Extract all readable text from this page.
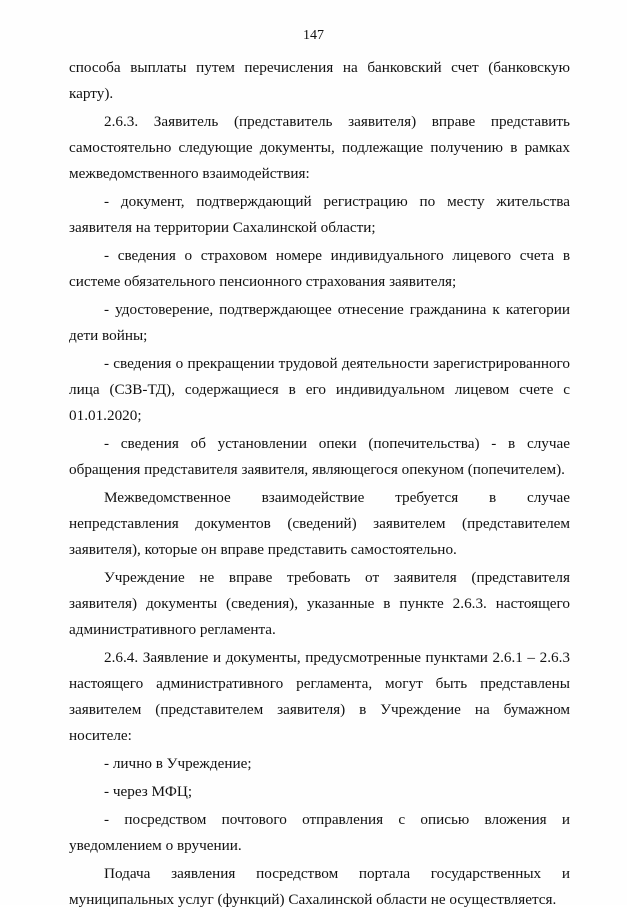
147

способа выплаты путем перечисления на банковский счет (банковскую карту).

2.6.3. Заявитель (представитель заявителя) вправе представить самостоятельно следующие документы, подлежащие получению в рамках межведомственного взаимодействия:

- документ, подтверждающий регистрацию по месту жительства заявителя на территории Сахалинской области;

- сведения о страховом номере индивидуального лицевого счета в системе обязательного пенсионного страхования заявителя;

- удостоверение, подтверждающее отнесение гражданина к категории дети войны;

- сведения о прекращении трудовой деятельности зарегистрированного лица (СЗВ-ТД), содержащиеся в его индивидуальном лицевом счете с 01.01.2020;

- сведения об установлении опеки (попечительства) - в случае обращения представителя заявителя, являющегося опекуном (попечителем).

Межведомственное взаимодействие требуется в случае непредставления документов (сведений) заявителем (представителем заявителя), которые он вправе представить самостоятельно.

Учреждение не вправе требовать от заявителя (представителя заявителя) документы (сведения), указанные в пункте 2.6.3. настоящего административного регламента.

2.6.4. Заявление и документы, предусмотренные пунктами 2.6.1 – 2.6.3 настоящего административного регламента, могут быть представлены заявителем (представителем заявителя) в Учреждение на бумажном носителе:

- лично в Учреждение;

- через МФЦ;

- посредством почтового отправления с описью вложения и уведомлением о вручении.

Подача заявления посредством портала государственных и муниципальных услуг (функций) Сахалинской области не осуществляется.
